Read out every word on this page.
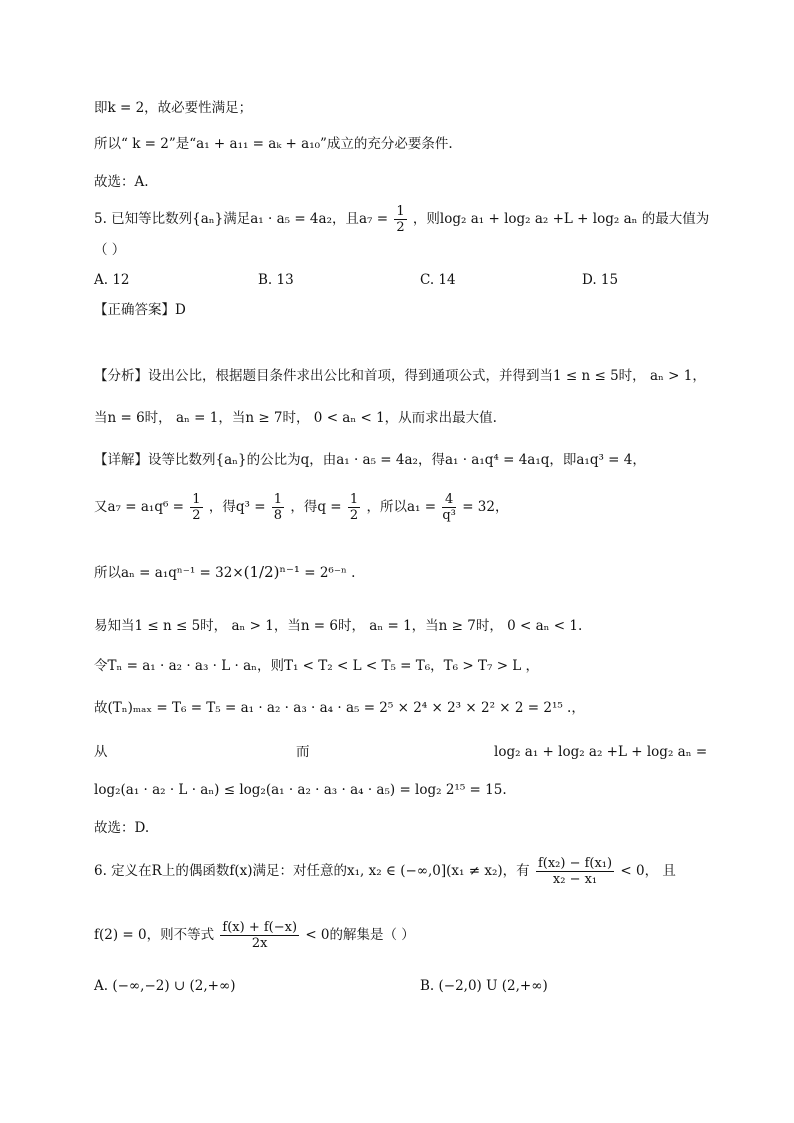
即k = 2，故必要性满足；
所以“ k = 2”是“a₁ + a₁₁ = aₖ + a₁₀”成立的充分必要条件.
故选：A.
5. 已知等比数列{aₙ}满足a₁ · a₅ = 4a₂，且$a_7 = \frac{1}{2}$ ，则log₂ a₁ + log₂ a₂ +L + log₂ aₙ 的最大值为
（ ）
A. 12	B. 13	C. 14	D. 15
【正确答案】D
【分析】设出公比，根据题目条件求出公比和首项，得到通项公式，并得到当1 ≤ n ≤ 5时， aₙ > 1，
当n = 6时， aₙ = 1，当n ≥ 7时， 0 < aₙ < 1，从而求出最大值.
【详解】设等比数列{aₙ}的公比为q，由a₁ · a₅ = 4a₂，得a₁ · a₁q⁴ = 4a₁q，即a₁q³ = 4，
又$a_7 = a_1q^6 = \frac{1}{2}$ ，得$q^3 = \frac{1}{8}$ ，得$q = \frac{1}{2}$ ，所以$a_1 = \frac{4}{\text{q³}} = 32$，
所以aₙ = a₁qⁿ⁻¹ = 32×(1/2)ⁿ⁻¹ = 2⁶⁻ⁿ .
易知当1 ≤ n ≤ 5时， aₙ > 1，当n = 6时， aₙ = 1，当n ≥ 7时， 0 < aₙ < 1.
令Tₙ = a₁ · a₂ · a₃ · L · aₙ，则T₁ < T₂ < L < T₅ = T₆，T₆ > T₇ > L ，
故(Tₙ)ₘₐₓ = T₆ = T₅ = a₁ · a₂ · a₃ · a₄ · a₅ = 2⁵ × 2⁴ × 2³ × 2² × 2 = 2¹⁵ .，
从	而	log₂ a₁ + log₂ a₂ +L + log₂ aₙ =
log₂(a₁ · a₂ · L · aₙ) ≤ log₂(a₁ · a₂ · a₃ · a₄ · a₅) = log₂ 2¹⁵ = 15.
故选：D.
6. 定义在R上的偶函数f(x)满足：对任意的x₁, x₂ ∈ (−∞,0](x₁ ≠ x₂)，有 $\frac{\text{f(x₂) − f(x₁)}}{\text{x₂ − x₁}} < 0$， 且
f(2) = 0，则不等式 $\frac{f(x) + f(-x)}{2x} < 0$的解集是（ ）
A. (−∞,−2) ∪ (2,+∞)	B. (−2,0) U (2,+∞)
